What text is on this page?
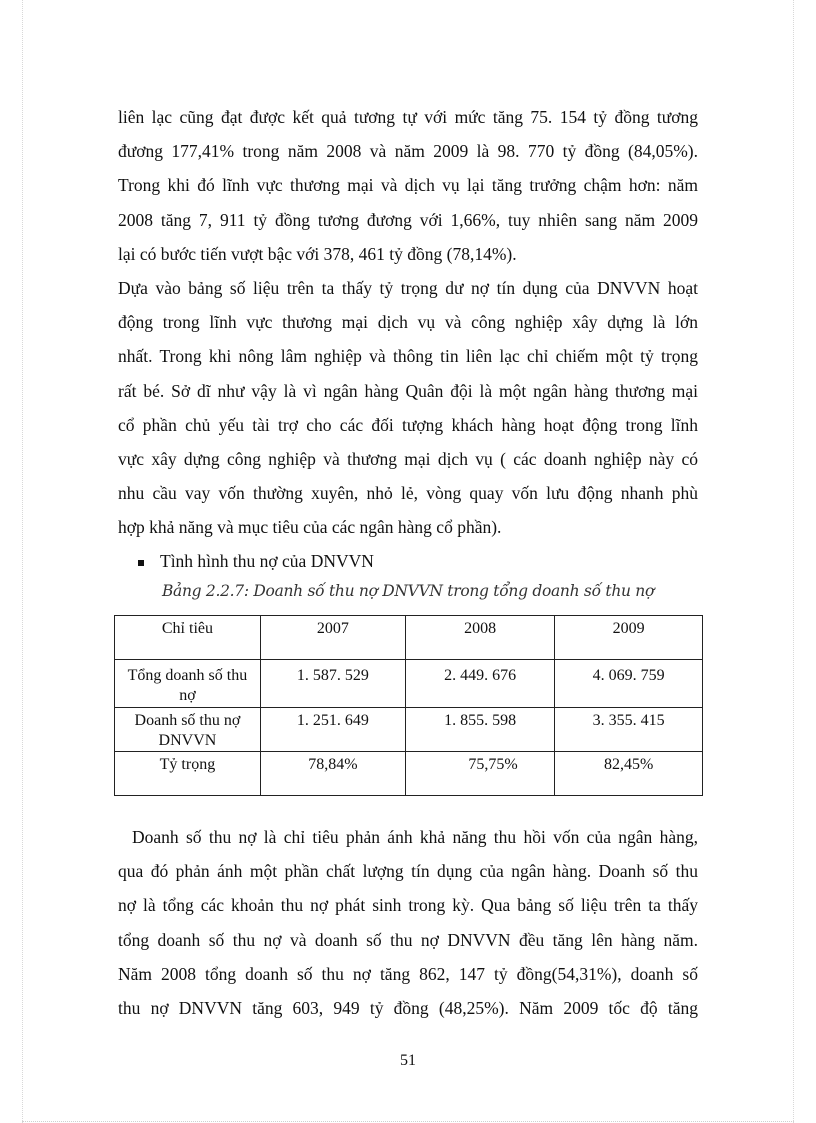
liên lạc cũng đạt được kết quả tương tự với mức tăng 75. 154 tỷ đồng tương
đương 177,41% trong năm 2008 và năm 2009 là 98. 770 tỷ đồng (84,05%).
Trong khi đó lĩnh vực thương mại và dịch vụ lại tăng trưởng chậm hơn: năm
2008 tăng 7, 911 tỷ đồng tương đương với 1,66%, tuy nhiên sang năm 2009
lại có bước tiến vượt bậc với 378, 461 tỷ đồng (78,14%).
Dựa vào bảng số liệu trên ta thấy tỷ trọng dư nợ tín dụng của DNVVN hoạt
động trong lĩnh vực thương mại dịch vụ và công nghiệp xây dựng là lớn
nhất. Trong khi nông lâm nghiệp và thông tin liên lạc chỉ chiếm một tỷ trọng
rất bé. Sở dĩ như vậy là vì ngân hàng Quân đội là một ngân hàng thương mại
cổ phần chủ yếu tài trợ cho các đối tượng khách hàng hoạt động trong lĩnh
vực xây dựng công nghiệp và thương mại dịch vụ ( các doanh nghiệp này có
nhu cầu vay vốn thường xuyên, nhỏ lẻ, vòng quay vốn lưu động nhanh phù
hợp khả năng và mục tiêu của các ngân hàng cổ phần).
Tình hình thu nợ của DNVVN
Bảng 2.2.7: Doanh số thu nợ DNVVN trong tổng doanh số thu nợ
Chỉ tiêu	2007	2008	2009
Tổng doanh số thu nợ	1. 587. 529	2. 449. 676	4. 069. 759
Doanh số thu nợ DNVVN	1. 251. 649	1. 855. 598	3. 355. 415
Tỷ trọng	78,84%	75,75%	82,45%
Doanh số thu nợ là chỉ tiêu phản ánh khả năng thu hồi vốn của ngân hàng,
qua đó phản ánh một phần chất lượng tín dụng của ngân hàng. Doanh số thu
nợ là tổng các khoản thu nợ phát sinh trong kỳ. Qua bảng số liệu trên ta thấy
tổng doanh số thu nợ và doanh số thu nợ DNVVN đều tăng lên hàng năm.
Năm 2008 tổng doanh số thu nợ tăng 862, 147 tỷ đồng(54,31%), doanh số
thu nợ DNVVN tăng 603, 949 tỷ đồng (48,25%). Năm 2009 tốc độ tăng
51
